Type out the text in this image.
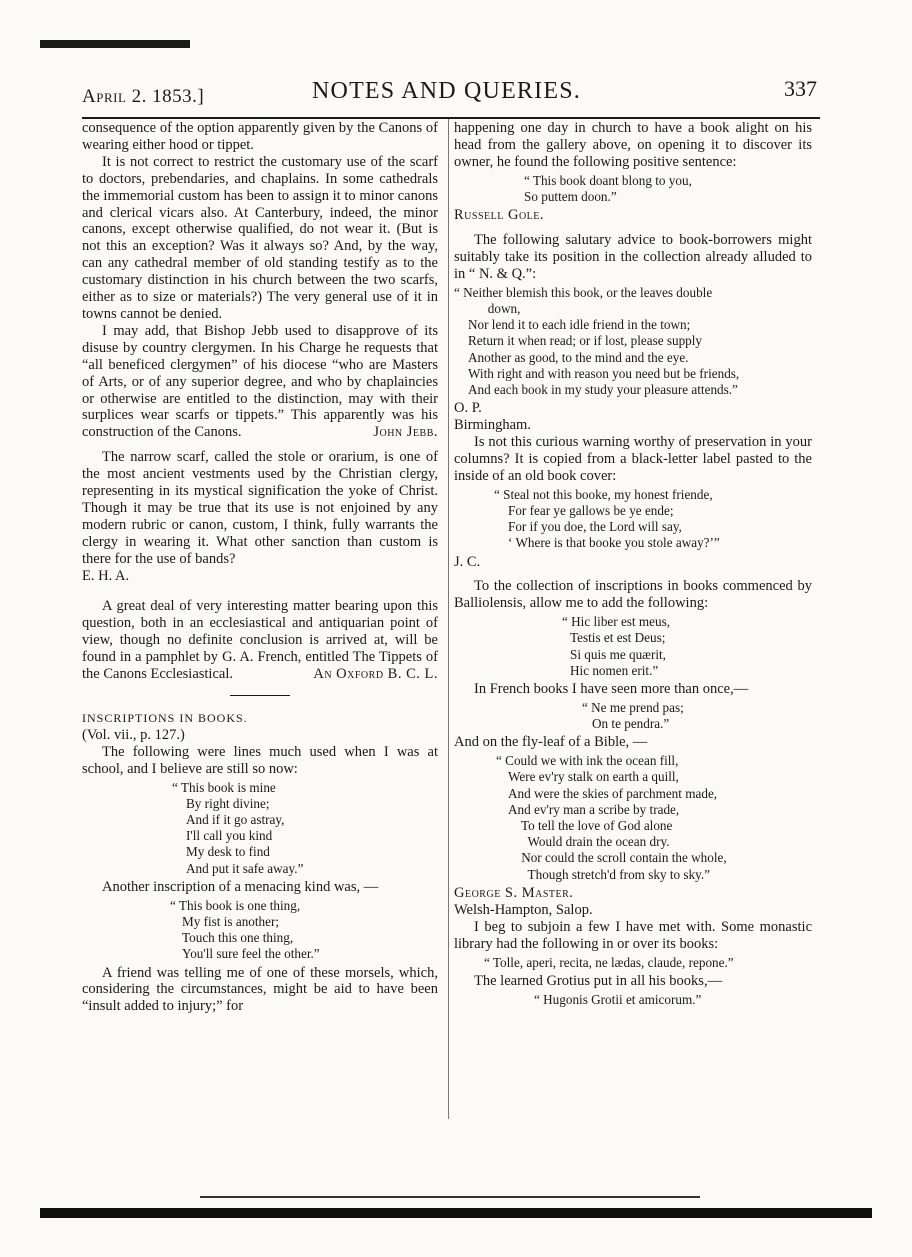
April 2. 1853.]	NOTES AND QUERIES.	337

consequence of the option apparently given by the Canons of wearing either hood or tippet.

It is not correct to restrict the customary use of the scarf to doctors, prebendaries, and chaplains. In some cathedrals the immemorial custom has been to assign it to minor canons and clerical vicars also. At Canterbury, indeed, the minor canons, except otherwise qualified, do not wear it. (But is not this an exception? Was it always so? And, by the way, can any cathedral member of old standing testify as to the customary distinction in his church between the two scarfs, either as to size or materials?) The very general use of it in towns cannot be denied.

I may add, that Bishop Jebb used to disapprove of its disuse by country clergymen. In his Charge he requests that “all beneficed clergymen” of his diocese “who are Masters of Arts, or of any superior degree, and who by chaplaincies or otherwise are entitled to the distinction, may with their surplices wear scarfs or tippets.” This apparently was his construction of the Canons.	John Jebb.

The narrow scarf, called the stole or orarium, is one of the most ancient vestments used by the Christian clergy, representing in its mystical signification the yoke of Christ. Though it may be true that its use is not enjoined by any modern rubric or canon, custom, I think, fully warrants the clergy in wearing it. What other sanction than custom is there for the use of bands?

E. H. A.

A great deal of very interesting matter bearing upon this question, both in an ecclesiastical and antiquarian point of view, though no definite conclusion is arrived at, will be found in a pamphlet by G. A. French, entitled The Tippets of the Canons Ecclesiastical.	An Oxford B. C. L.

INSCRIPTIONS IN BOOKS.

(Vol. vii., p. 127.)

The following were lines much used when I was at school, and I believe are still so now:

“ This book is mine
By right divine;
And if it go astray,
I'll call you kind
My desk to find
And put it safe away.”

Another inscription of a menacing kind was, —

“ This book is one thing,
My fist is another;
Touch this one thing,
You'll sure feel the other.”

A friend was telling me of one of these morsels, which, considering the circumstances, might be aid to have been “insult added to injury;” for

happening one day in church to have a book alight on his head from the gallery above, on opening it to discover its owner, he found the following positive sentence:

“ This book doant blong to you,
So puttem doon.”

Russell Gole.

The following salutary advice to book-borrowers might suitably take its position in the collection already alluded to in “ N. & Q.”:

“ Neither blemish this book, or the leaves double
down,
Nor lend it to each idle friend in the town;
Return it when read; or if lost, please supply
Another as good, to the mind and the eye.
With right and with reason you need but be friends,
And each book in my study your pleasure attends.”

O. P.

Birmingham.

Is not this curious warning worthy of preservation in your columns? It is copied from a black-letter label pasted to the inside of an old book cover:

“ Steal not this booke, my honest friende,
For fear ye gallows be ye ende;
For if you doe, the Lord will say,
‘ Where is that booke you stole away?’”

J. C.

To the collection of inscriptions in books commenced by Balliolensis, allow me to add the following:

“ Hic liber est meus,
Testis et est Deus;
Si quis me quærit,
Hic nomen erit.”

In French books I have seen more than once,—

“ Ne me prend pas;
On te pendra.”

And on the fly-leaf of a Bible, —

“ Could we with ink the ocean fill,
Were ev'ry stalk on earth a quill,
And were the skies of parchment made,
And ev'ry man a scribe by trade,
To tell the love of God alone
Would drain the ocean dry.
Nor could the scroll contain the whole,
Though stretch'd from sky to sky.”

George S. Master.

Welsh-Hampton, Salop.

I beg to subjoin a few I have met with. Some monastic library had the following in or over its books:

“ Tolle, aperi, recita, ne lædas, claude, repone.”

The learned Grotius put in all his books,—

“ Hugonis Grotii et amicorum.”
